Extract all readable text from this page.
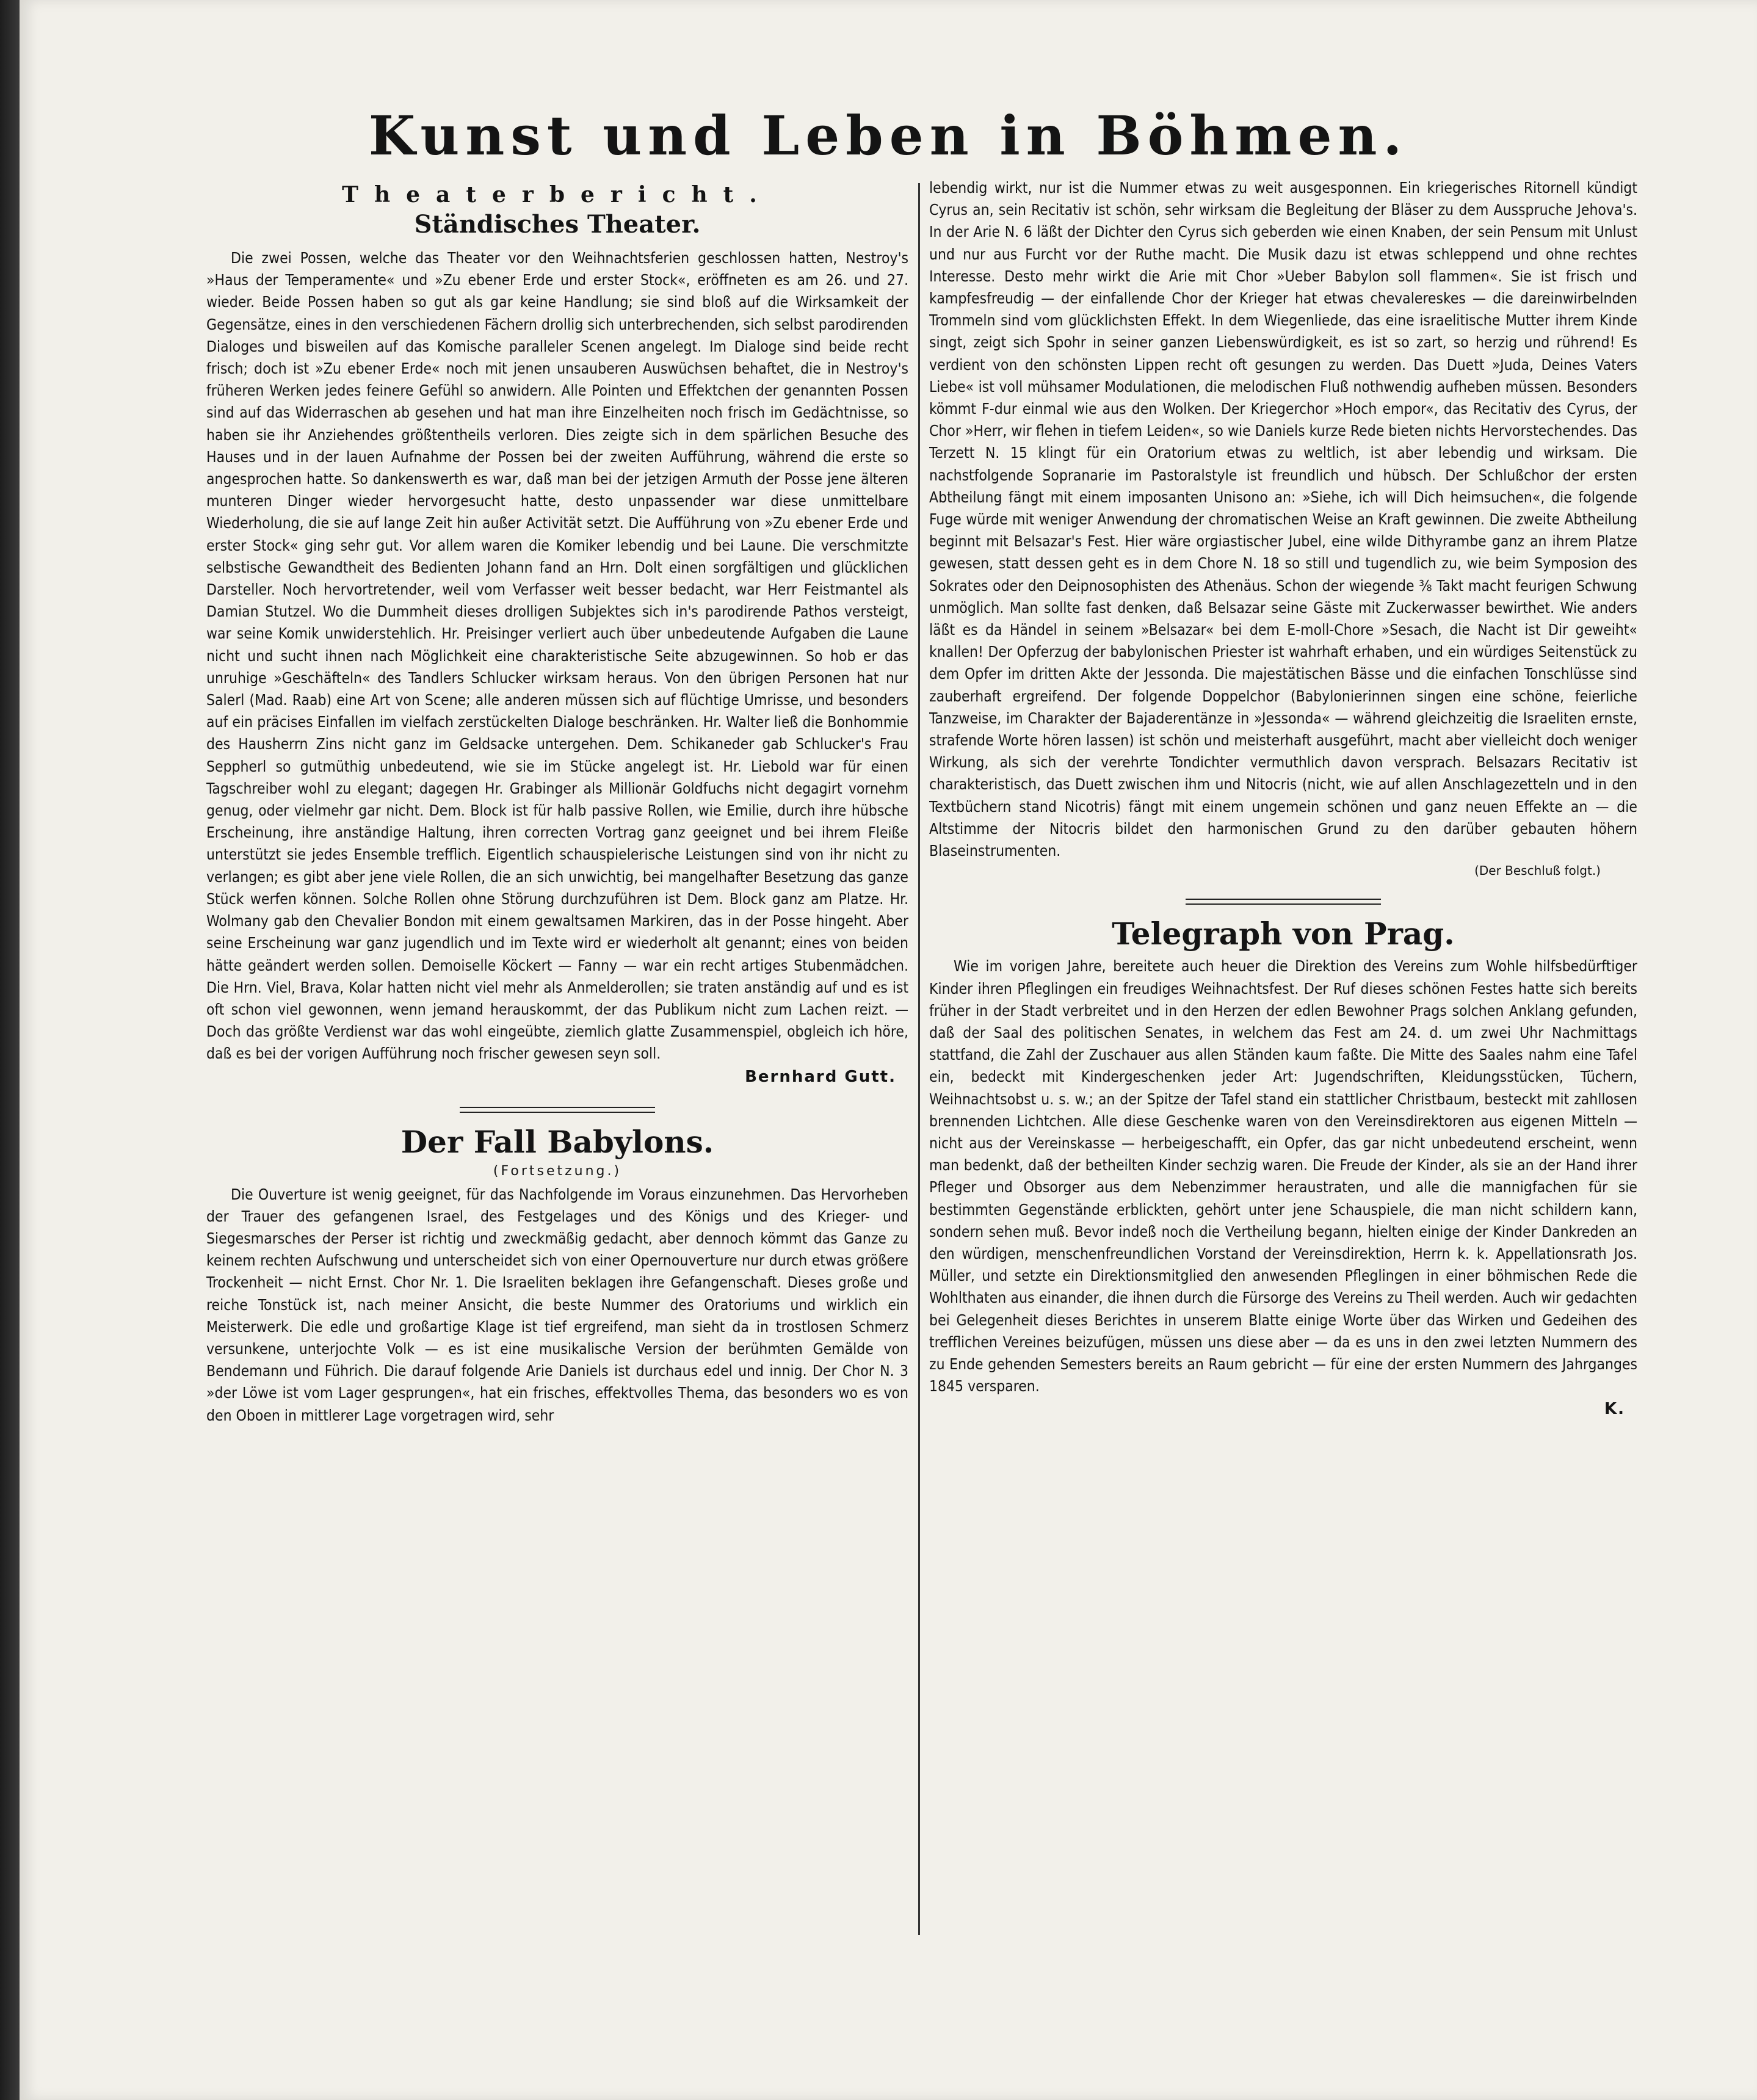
Kunst und Leben in Böhmen.
Theaterbericht.
Ständisches Theater.

Die zwei Possen, welche das Theater vor den Weihnachtsferien geschlossen hatten, Nestroy's »Haus der Temperamente« und »Zu ebener Erde und erster Stock«, eröffneten es am 26. und 27. wieder. Beide Possen haben so gut als gar keine Handlung; sie sind bloß auf die Wirksamkeit der Gegensätze, eines in den verschiedenen Fächern drollig sich unterbrechenden, sich selbst parodirenden Dialoges und bisweilen auf das Komische paralleler Scenen angelegt. Im Dialoge sind beide recht frisch; doch ist »Zu ebener Erde« noch mit jenen unsauberen Auswüchsen behaftet, die in Nestroy's früheren Werken jedes feinere Gefühl so anwidern. Alle Pointen und Effektchen der genannten Possen sind auf das Widerraschen ab gesehen und hat man ihre Einzelheiten noch frisch im Gedächtnisse, so haben sie ihr Anziehendes größtentheils verloren. Dies zeigte sich in dem spärlichen Besuche des Hauses und in der lauen Aufnahme der Possen bei der zweiten Aufführung, während die erste so angesprochen hatte. So dankenswerth es war, daß man bei der jetzigen Armuth der Posse jene älteren munteren Dinger wieder hervorgesucht hatte, desto unpassender war diese unmittelbare Wiederholung, die sie auf lange Zeit hin außer Activität setzt. Die Aufführung von »Zu ebener Erde und erster Stock« ging sehr gut. Vor allem waren die Komiker lebendig und bei Laune. Die verschmitzte selbstische Gewandtheit des Bedienten Johann fand an Hrn. Dolt einen sorgfältigen und glücklichen Darsteller. Noch hervortretender, weil vom Verfasser weit besser bedacht, war Herr Feistmantel als Damian Stutzel. Wo die Dummheit dieses drolligen Subjektes sich in's parodirende Pathos versteigt, war seine Komik unwiderstehlich. Hr. Preisinger verliert auch über unbedeutende Aufgaben die Laune nicht und sucht ihnen nach Möglichkeit eine charakteristische Seite abzugewinnen. So hob er das unruhige »Geschäfteln« des Tandlers Schlucker wirksam heraus. Von den übrigen Personen hat nur Salerl (Mad. Raab) eine Art von Scene; alle anderen müssen sich auf flüchtige Umrisse, und besonders auf ein präcises Einfallen im vielfach zerstückelten Dialoge beschränken. Hr. Walter ließ die Bonhommie des Hausherrn Zins nicht ganz im Geldsacke untergehen. Dem. Schikaneder gab Schlucker's Frau Seppherl so gutmüthig unbedeutend, wie sie im Stücke angelegt ist. Hr. Liebold war für einen Tagschreiber wohl zu elegant; dagegen Hr. Grabinger als Millionär Goldfuchs nicht degagirt vornehm genug, oder vielmehr gar nicht. Dem. Block ist für halb passive Rollen, wie Emilie, durch ihre hübsche Erscheinung, ihre anständige Haltung, ihren correcten Vortrag ganz geeignet und bei ihrem Fleiße unterstützt sie jedes Ensemble trefflich. Eigentlich schauspielerische Leistungen sind von ihr nicht zu verlangen; es gibt aber jene viele Rollen, die an sich unwichtig, bei mangelhafter Besetzung das ganze Stück werfen können. Solche Rollen ohne Störung durchzuführen ist Dem. Block ganz am Platze. Hr. Wolmany gab den Chevalier Bondon mit einem gewaltsamen Markiren, das in der Posse hingeht. Aber seine Erscheinung war ganz jugendlich und im Texte wird er wiederholt alt genannt; eines von beiden hätte geändert werden sollen. Demoiselle Köckert — Fanny — war ein recht artiges Stubenmädchen. Die Hrn. Viel, Brava, Kolar hatten nicht viel mehr als Anmelderollen; sie traten anständig auf und es ist oft schon viel gewonnen, wenn jemand herauskommt, der das Publikum nicht zum Lachen reizt. — Doch das größte Verdienst war das wohl eingeübte, ziemlich glatte Zusammenspiel, obgleich ich höre, daß es bei der vorigen Aufführung noch frischer gewesen seyn soll.

Bernhard Gutt.
Der Fall Babylons.
(Fortsetzung.)

Die Ouverture ist wenig geeignet, für das Nachfolgende im Voraus einzunehmen. Das Hervorheben der Trauer des gefangenen Israel, des Festgelages und des Königs und des Krieger- und Siegesmarsches der Perser ist richtig und zweckmäßig gedacht, aber dennoch kömmt das Ganze zu keinem rechten Aufschwung und unterscheidet sich von einer Opernouverture nur durch etwas größere Trockenheit — nicht Ernst. Chor Nr. 1. Die Israeliten beklagen ihre Gefangenschaft. Dieses große und reiche Tonstück ist, nach meiner Ansicht, die beste Nummer des Oratoriums und wirklich ein Meisterwerk. Die edle und großartige Klage ist tief ergreifend, man sieht da in trostlosen Schmerz versunkene, unterjochte Volk — es ist eine musikalische Version der berühmten Gemälde von Bendemann und Führich. Die darauf folgende Arie Daniels ist durchaus edel und innig. Der Chor N. 3 »der Löwe ist vom Lager gesprungen«, hat ein frisches, effektvolles Thema, das besonders wo es von den Oboen in mittlerer Lage vorgetragen wird, sehr

lebendig wirkt, nur ist die Nummer etwas zu weit ausgesponnen. Ein kriegerisches Ritornell kündigt Cyrus an, sein Recitativ ist schön, sehr wirksam die Begleitung der Bläser zu dem Ausspruche Jehova's. In der Arie N. 6 läßt der Dichter den Cyrus sich geberden wie einen Knaben, der sein Pensum mit Unlust und nur aus Furcht vor der Ruthe macht. Die Musik dazu ist etwas schleppend und ohne rechtes Interesse. Desto mehr wirkt die Arie mit Chor »Ueber Babylon soll flammen«. Sie ist frisch und kampfesfreudig — der einfallende Chor der Krieger hat etwas chevalereskes — die dareinwirbelnden Trommeln sind vom glücklichsten Effekt. In dem Wiegenliede, das eine israelitische Mutter ihrem Kinde singt, zeigt sich Spohr in seiner ganzen Liebenswürdigkeit, es ist so zart, so herzig und rührend! Es verdient von den schönsten Lippen recht oft gesungen zu werden. Das Duett »Juda, Deines Vaters Liebe« ist voll mühsamer Modulationen, die melodischen Fluß nothwendig aufheben müssen. Besonders kömmt F-dur einmal wie aus den Wolken. Der Kriegerchor »Hoch empor«, das Recitativ des Cyrus, der Chor »Herr, wir flehen in tiefem Leiden«, so wie Daniels kurze Rede bieten nichts Hervorstechendes. Das Terzett N. 15 klingt für ein Oratorium etwas zu weltlich, ist aber lebendig und wirksam. Die nachstfolgende Sopranarie im Pastoralstyle ist freundlich und hübsch. Der Schlußchor der ersten Abtheilung fängt mit einem imposanten Unisono an: »Siehe, ich will Dich heimsuchen«, die folgende Fuge würde mit weniger Anwendung der chromatischen Weise an Kraft gewinnen. Die zweite Abtheilung beginnt mit Belsazar's Fest. Hier wäre orgiastischer Jubel, eine wilde Dithyrambe ganz an ihrem Platze gewesen, statt dessen geht es in dem Chore N. 18 so still und tugendlich zu, wie beim Symposion des Sokrates oder den Deipnosophisten des Athenäus. Schon der wiegende ⅜ Takt macht feurigen Schwung unmöglich. Man sollte fast denken, daß Belsazar seine Gäste mit Zuckerwasser bewirthet. Wie anders läßt es da Händel in seinem »Belsazar« bei dem E-moll-Chore »Sesach, die Nacht ist Dir geweiht« knallen! Der Opferzug der babylonischen Priester ist wahrhaft erhaben, und ein würdiges Seitenstück zu dem Opfer im dritten Akte der Jessonda. Die majestätischen Bässe und die einfachen Tonschlüsse sind zauberhaft ergreifend. Der folgende Doppelchor (Babylonierinnen singen eine schöne, feierliche Tanzweise, im Charakter der Bajaderentänze in »Jessonda« — während gleichzeitig die Israeliten ernste, strafende Worte hören lassen) ist schön und meisterhaft ausgeführt, macht aber vielleicht doch weniger Wirkung, als sich der verehrte Tondichter vermuthlich davon versprach. Belsazars Recitativ ist charakteristisch, das Duett zwischen ihm und Nitocris (nicht, wie auf allen Anschlagezetteln und in den Textbüchern stand Nicotris) fängt mit einem ungemein schönen und ganz neuen Effekte an — die Altstimme der Nitocris bildet den harmonischen Grund zu den darüber gebauten höhern Blaseinstrumenten.

(Der Beschluß folgt.)
Telegraph von Prag.

Wie im vorigen Jahre, bereitete auch heuer die Direktion des Vereins zum Wohle hilfsbedürftiger Kinder ihren Pfleglingen ein freudiges Weihnachtsfest. Der Ruf dieses schönen Festes hatte sich bereits früher in der Stadt verbreitet und in den Herzen der edlen Bewohner Prags solchen Anklang gefunden, daß der Saal des politischen Senates, in welchem das Fest am 24. d. um zwei Uhr Nachmittags stattfand, die Zahl der Zuschauer aus allen Ständen kaum faßte. Die Mitte des Saales nahm eine Tafel ein, bedeckt mit Kindergeschenken jeder Art: Jugendschriften, Kleidungsstücken, Tüchern, Weihnachtsobst u. s. w.; an der Spitze der Tafel stand ein stattlicher Christbaum, besteckt mit zahllosen brennenden Lichtchen. Alle diese Geschenke waren von den Vereinsdirektoren aus eigenen Mitteln — nicht aus der Vereinskasse — herbeigeschafft, ein Opfer, das gar nicht unbedeutend erscheint, wenn man bedenkt, daß der betheilten Kinder sechzig waren. Die Freude der Kinder, als sie an der Hand ihrer Pfleger und Obsorger aus dem Nebenzimmer heraustraten, und alle die mannigfachen für sie bestimmten Gegenstände erblickten, gehört unter jene Schauspiele, die man nicht schildern kann, sondern sehen muß. Bevor indeß noch die Vertheilung begann, hielten einige der Kinder Dankreden an den würdigen, menschenfreundlichen Vorstand der Vereinsdirektion, Herrn k. k. Appellationsrath Jos. Müller, und setzte ein Direktionsmitglied den anwesenden Pfleglingen in einer böhmischen Rede die Wohlthaten aus einander, die ihnen durch die Fürsorge des Vereins zu Theil werden. Auch wir gedachten bei Gelegenheit dieses Berichtes in unserem Blatte einige Worte über das Wirken und Gedeihen des trefflichen Vereines beizufügen, müssen uns diese aber — da es uns in den zwei letzten Nummern des zu Ende gehenden Semesters bereits an Raum gebricht — für eine der ersten Nummern des Jahrganges 1845 versparen.

K.
